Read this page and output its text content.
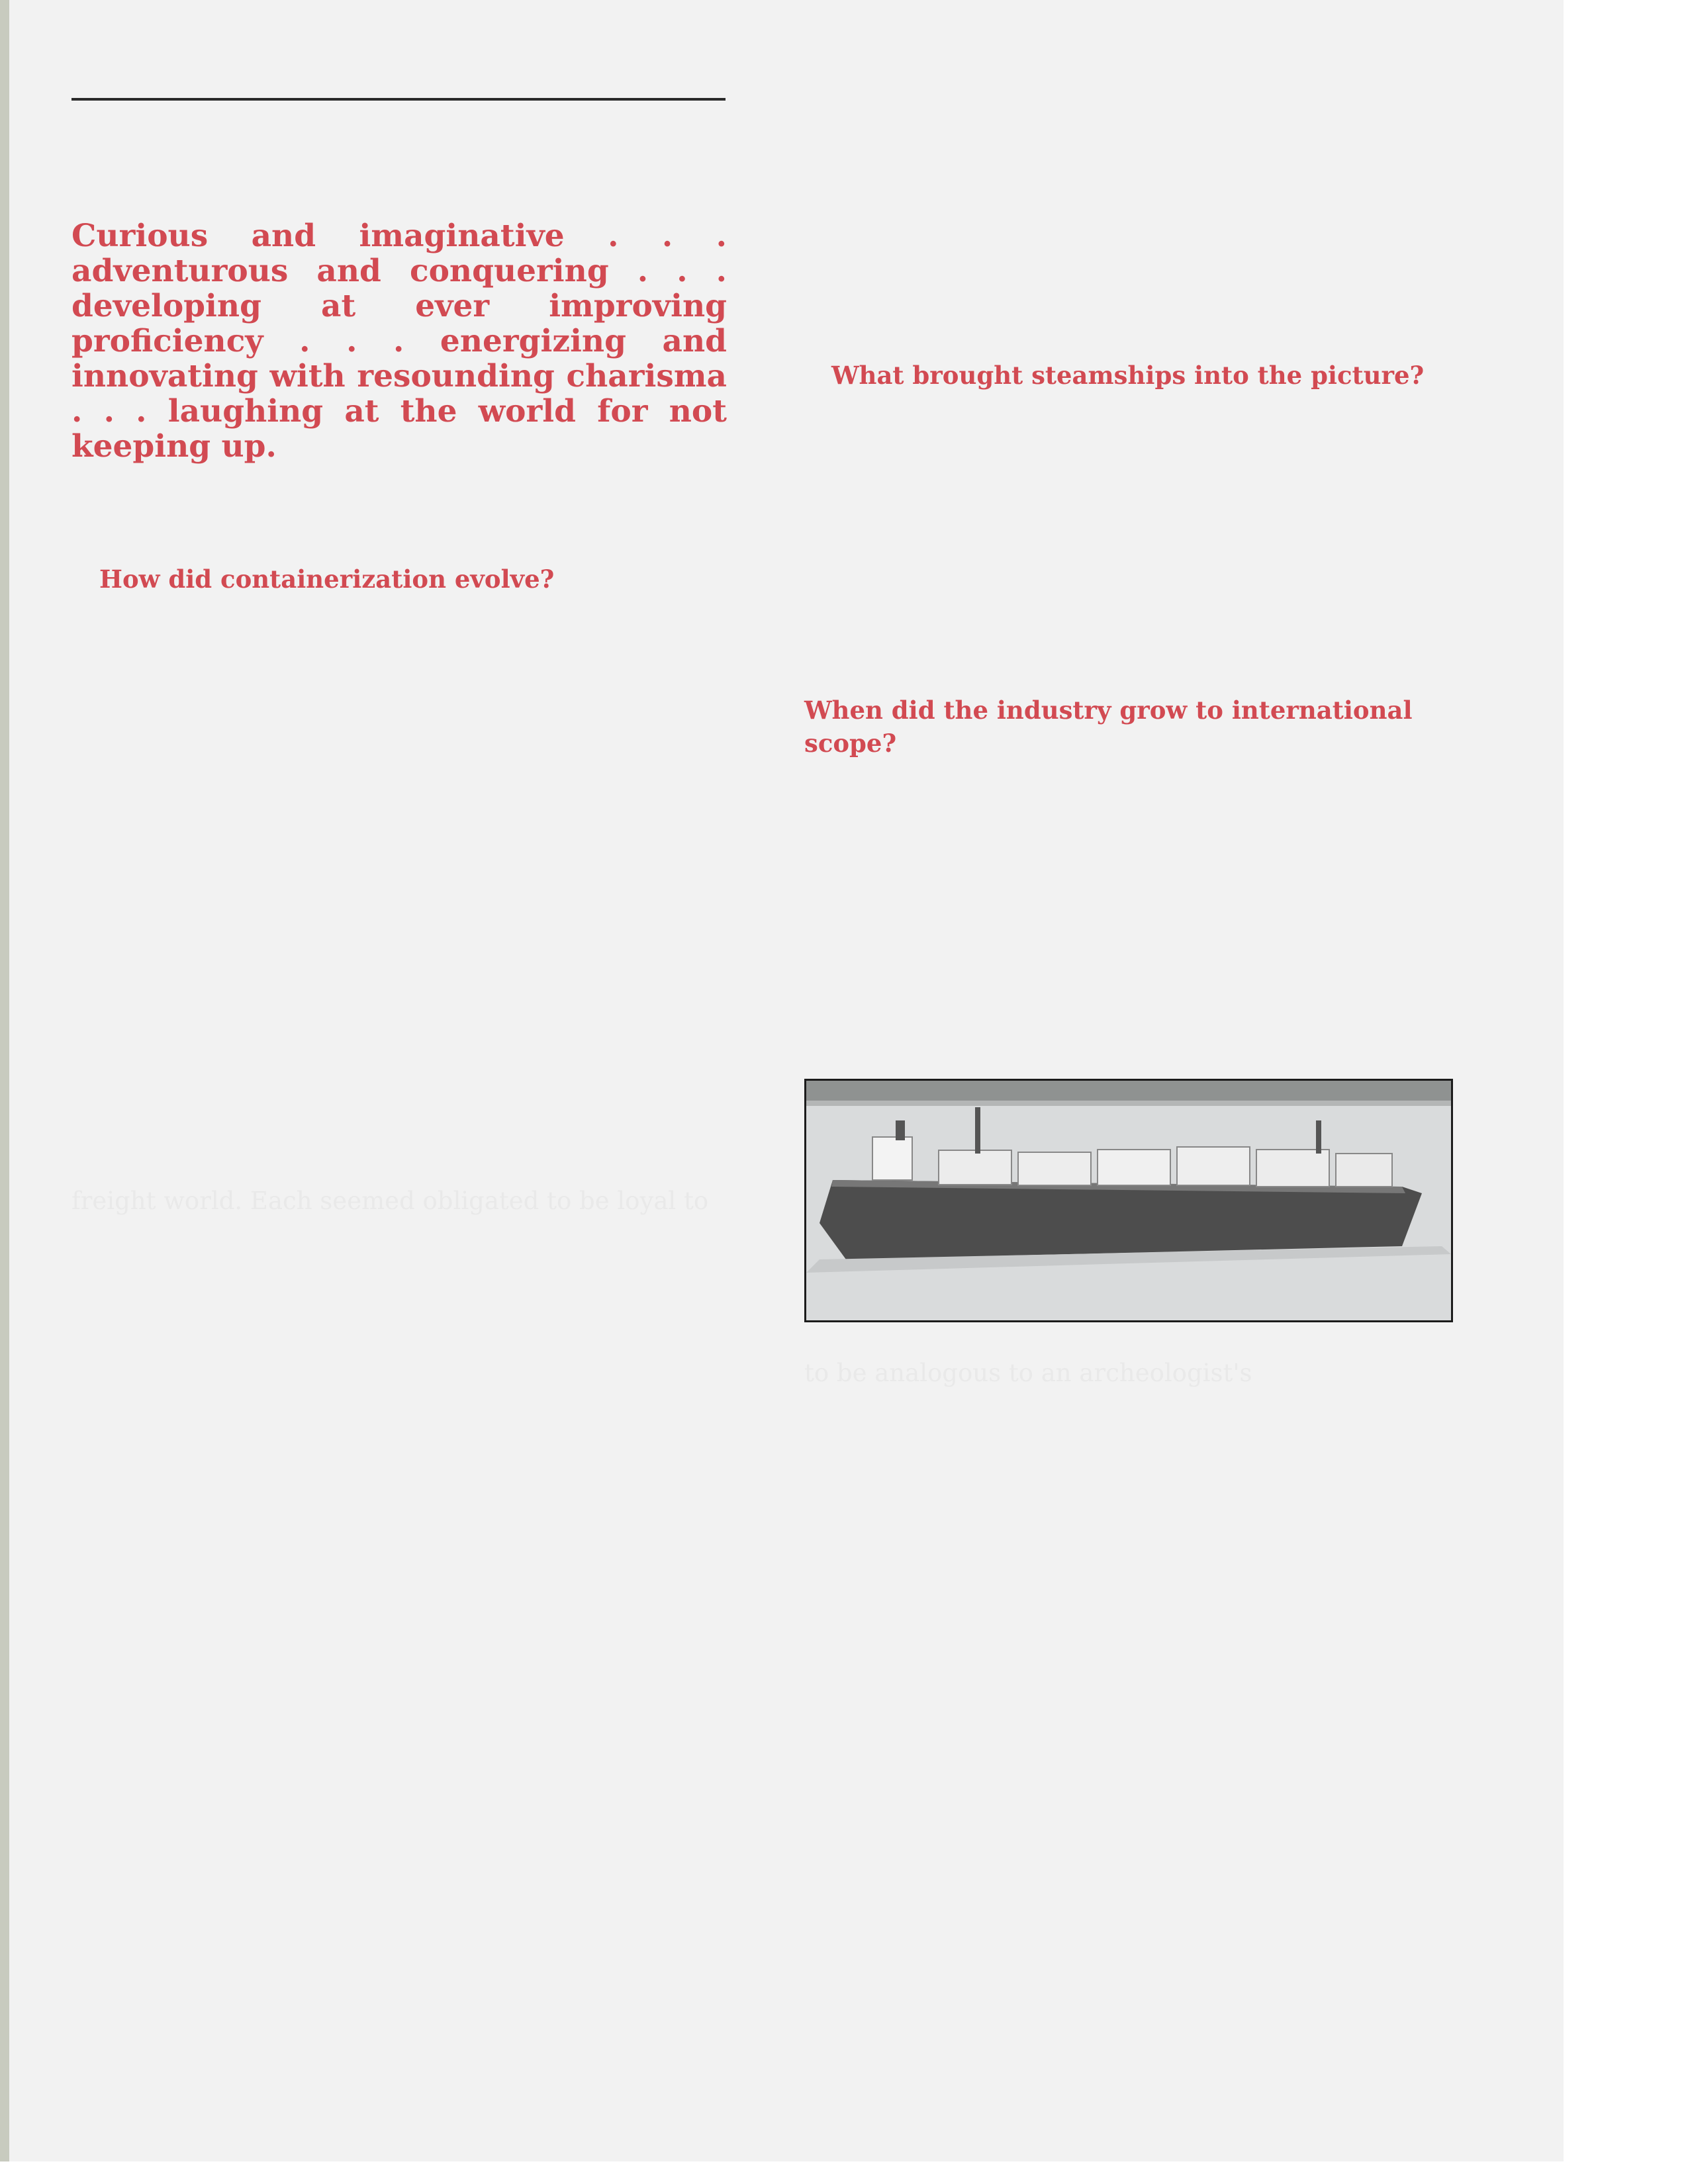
Curious and imaginative . . . adventurous and conquering . . . developing at ever improving proficiency . . . energizing and innovating with resounding charisma . . . laughing at the world for not keeping up.
How did containerization evolve?
What brought steamships into the picture?
When did the industry grow to international scope?
freight world. Each seemed obligated to be loyal to
to be analogous to an archeologist's
